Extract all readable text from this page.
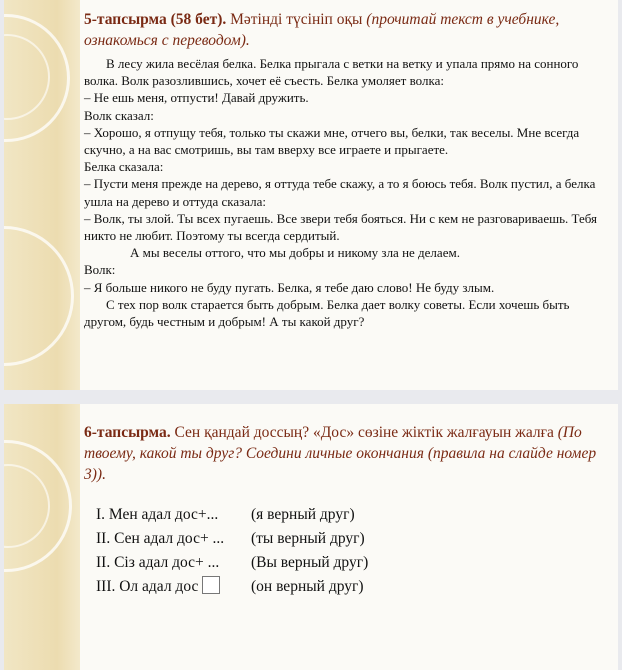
5-тапсырма (58 бет). Мәтінді түсініп оқы (прочитай текст в учебнике, ознакомься с переводом).

В лесу жила весёлая белка. Белка прыгала с ветки на ветку и упала прямо на сонного волка. Волк разозлившись, хочет её съесть. Белка умоляет волка:

– Не ешь меня, отпусти! Давай дружить.

Волк сказал:

– Хорошо, я отпущу тебя, только ты скажи мне, отчего вы, белки, так веселы. Мне всегда скучно, а на вас смотришь, вы там вверху все играете и прыгаете.

Белка сказала:

– Пусти меня прежде на дерево, я оттуда тебе скажу, а то я боюсь тебя. Волк пустил, а белка ушла на дерево и оттуда сказала:

– Волк, ты злой. Ты всех пугаешь. Все звери тебя бояться. Ни с кем не разговариваешь. Тебя никто не любит. Поэтому ты всегда сердитый.

А мы веселы оттого, что мы добры и никому зла не делаем.

Волк:

– Я больше никого не буду пугать. Белка, я тебе даю слово! Не буду злым.

С тех пор волк старается быть добрым. Белка дает волку советы. Если хочешь быть другом, будь честным и добрым! А ты какой друг?

6-тапсырма. Сен қандай доссың? «Дос» сөзіне жіктік жалғауын жалға (По твоему, какой ты друг? Соедини личные окончания (правила на слайде номер 3)).
I. Мен адал дос+...	(я верный друг)
II. Сен адал дос+ ...	(ты верный друг)
II. Сіз адал дос+ ...	(Вы верный друг)
III. Ол адал дос	(он верный друг)
